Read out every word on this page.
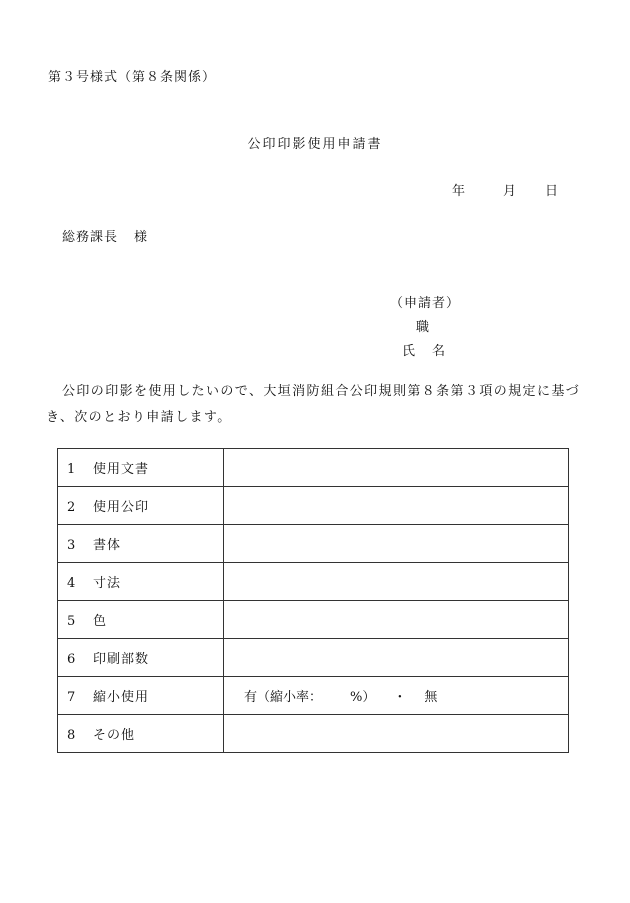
第３号様式（第８条関係）
公印印影使用申請書
年	月 日
総務課長 様
（申請者）
職
氏　名
公印の印影を使用したいので、大垣消防組合公印規則第８条第３項の規定に基づき、次のとおり申請します。
1 使用文書	
2 使用公印	
3 書体	
4 寸法	
5 色	
6 印刷部数	
7 縮小使用	有（縮小率： %） ・ 無
8 その他	
